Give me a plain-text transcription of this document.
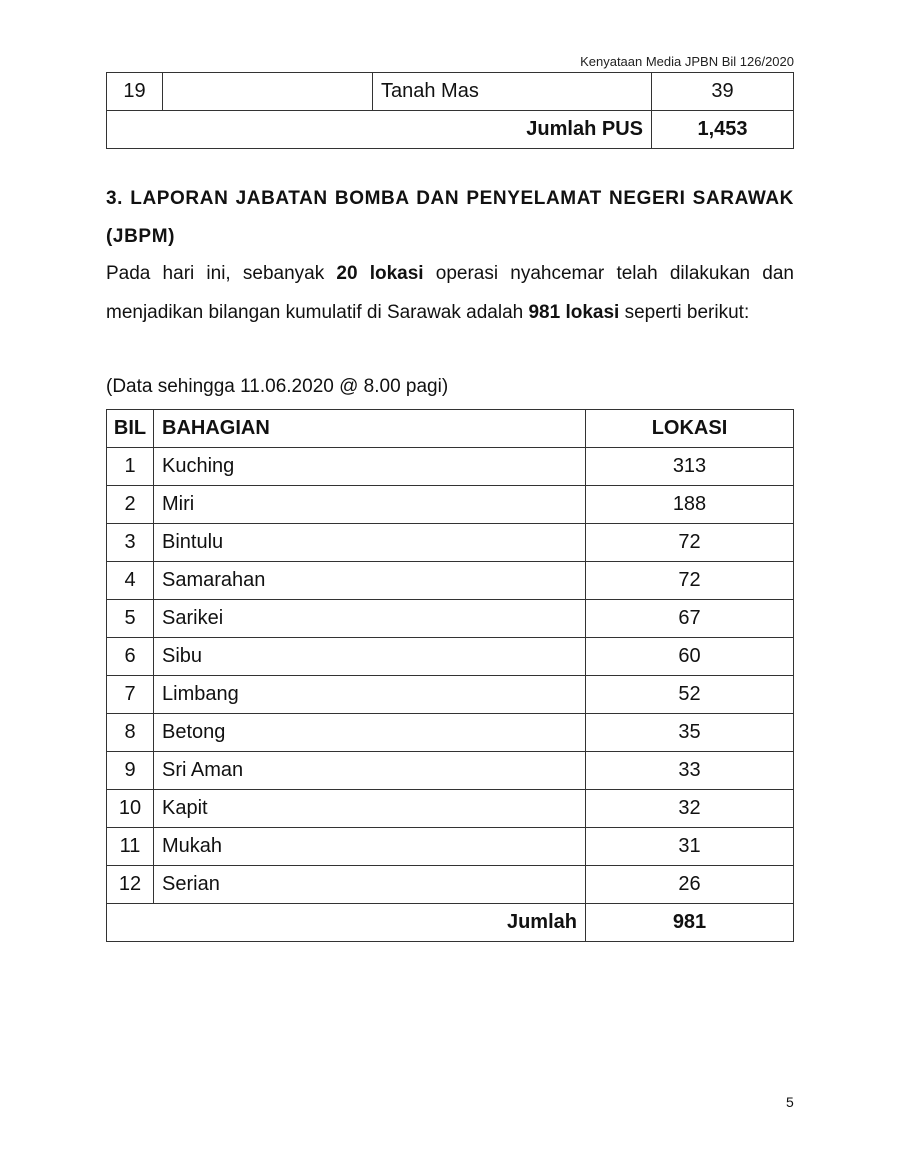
Kenyataan Media JPBN Bil 126/2020
19		Tanah Mas	39
Jumlah PUS			1,453
3. LAPORAN JABATAN BOMBA DAN PENYELAMAT NEGERI SARAWAK (JBPM)

Pada hari ini, sebanyak 20 lokasi operasi nyahcemar telah dilakukan dan menjadikan bilangan kumulatif di Sarawak adalah 981 lokasi seperti berikut:

(Data sehingga 11.06.2020 @ 8.00 pagi)
BIL	BAHAGIAN	LOKASI
1	Kuching	313
2	Miri	188
3	Bintulu	72
4	Samarahan	72
5	Sarikei	67
6	Sibu	60
7	Limbang	52
8	Betong	35
9	Sri Aman	33
10	Kapit	32
11	Mukah	31
12	Serian	26
Jumlah		981
5
